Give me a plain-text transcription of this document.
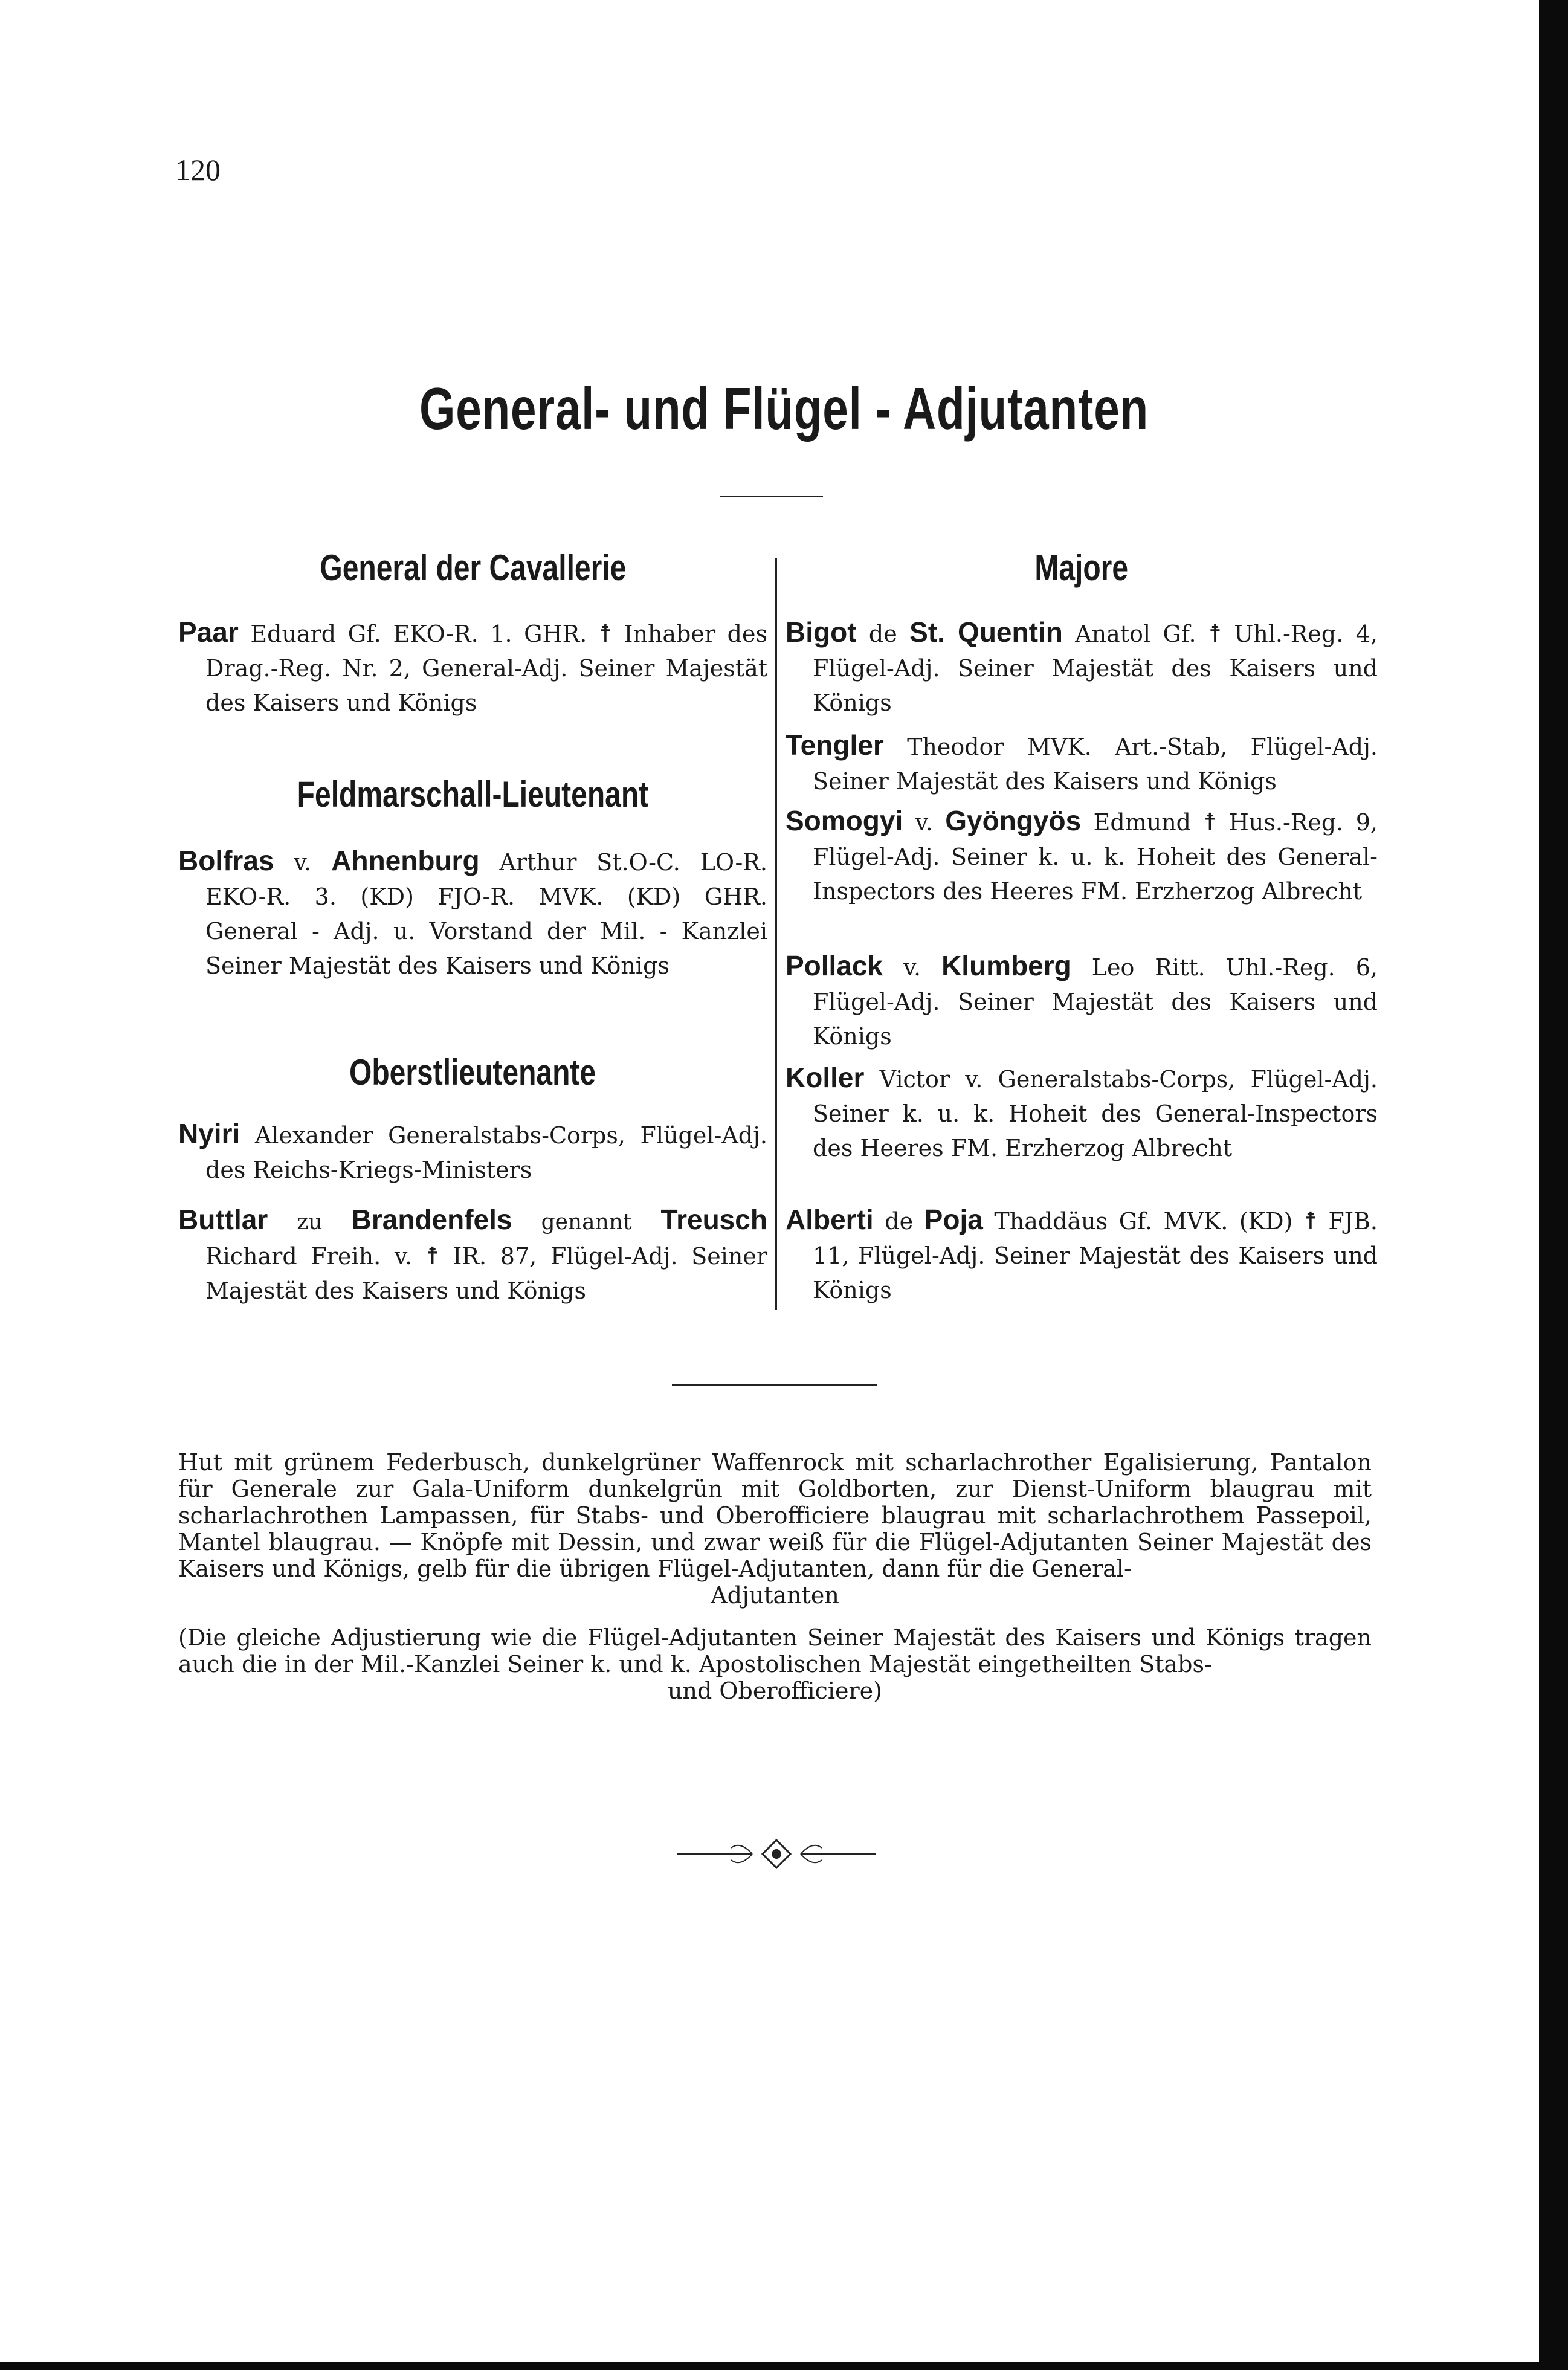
120
General- und Flügel - Adjutanten
General der Cavallerie

Paar Eduard Gf. EKO-R. 1. GHR. ☨ Inhaber des Drag.-Reg. Nr. 2, General-Adj. Seiner Majestät des Kaisers und Königs

Feldmarschall-Lieutenant

Bolfras v. Ahnenburg Arthur St.O-C. LO-R. EKO-R. 3. (KD) FJO-R. MVK. (KD) GHR. General - Adj. u. Vorstand der Mil. - Kanzlei Seiner Majestät des Kaisers und Königs

Oberstlieutenante

Nyiri Alexander Generalstabs-Corps, Flügel-Adj. des Reichs-Kriegs-Ministers

Buttlar zu Brandenfels genannt Treusch Richard Freih. v. ☨ IR. 87, Flügel-Adj. Seiner Majestät des Kaisers und Königs

Majore

Bigot de St. Quentin Anatol Gf. ☨ Uhl.-Reg. 4, Flügel-Adj. Seiner Majestät des Kaisers und Königs

Tengler Theodor MVK. Art.-Stab, Flügel-Adj. Seiner Majestät des Kaisers und Königs

Somogyi v. Gyöngyös Edmund ☨ Hus.-Reg. 9, Flügel-Adj. Seiner k. u. k. Hoheit des General-Inspectors des Heeres FM. Erzherzog Albrecht

Pollack v. Klumberg Leo Ritt. Uhl.-Reg. 6, Flügel-Adj. Seiner Majestät des Kaisers und Königs

Koller Victor v. Generalstabs-Corps, Flügel-Adj. Seiner k. u. k. Hoheit des General-Inspectors des Heeres FM. Erzherzog Albrecht

Alberti de Poja Thaddäus Gf. MVK. (KD) ☨ FJB. 11, Flügel-Adj. Seiner Majestät des Kaisers und Königs

Hut mit grünem Federbusch, dunkelgrüner Waffenrock mit scharlachrother Egalisierung, Pantalon für Generale zur Gala-Uniform dunkelgrün mit Goldborten, zur Dienst-Uniform blaugrau mit scharlachrothen Lampassen, für Stabs- und Oberofficiere blaugrau mit scharlachrothem Passepoil, Mantel blaugrau. — Knöpfe mit Dessin, und zwar weiß für die Flügel-Adjutanten Seiner Majestät des Kaisers und Königs, gelb für die übrigen Flügel-Adjutanten, dann für die General-
Adjutanten
(Die gleiche Adjustierung wie die Flügel-Adjutanten Seiner Majestät des Kaisers und Königs tragen auch die in der Mil.-Kanzlei Seiner k. und k. Apostolischen Majestät eingetheilten Stabs-
und Oberofficiere)
